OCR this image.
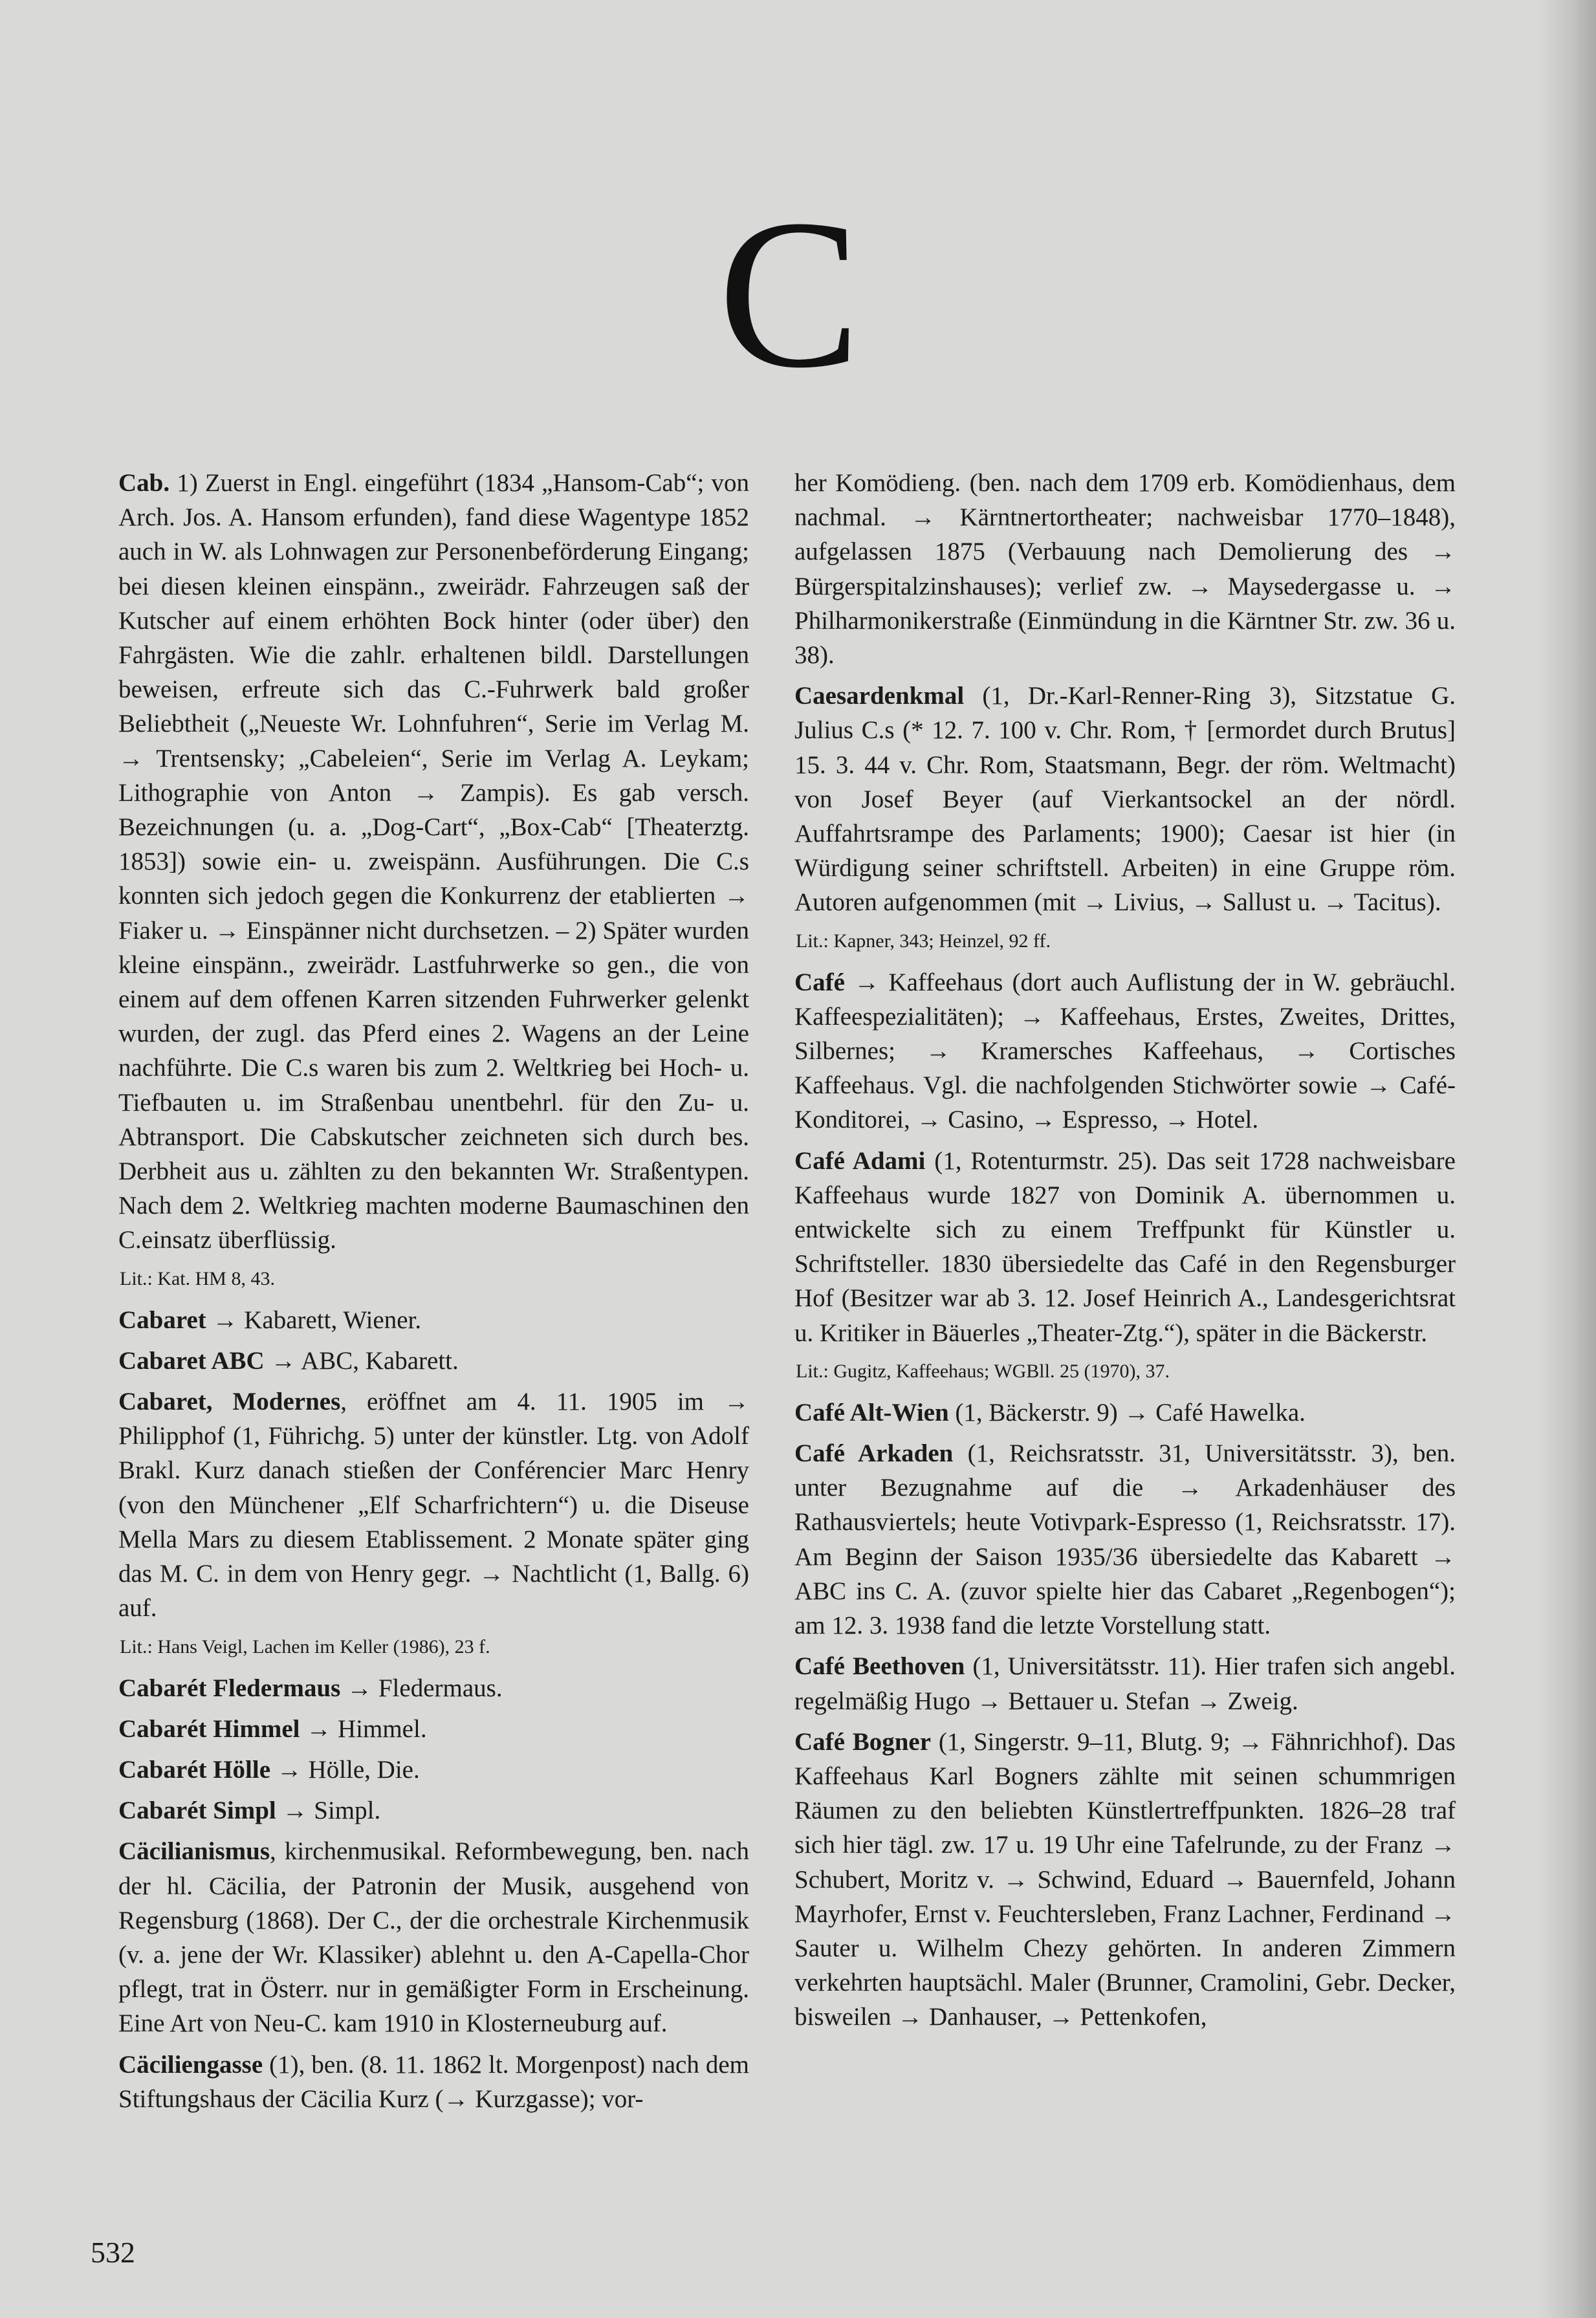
C

Cab. 1) Zuerst in Engl. eingeführt (1834 „Hansom-Cab“; von Arch. Jos. A. Hansom erfunden), fand diese Wagentype 1852 auch in W. als Lohnwagen zur Personenbeförderung Eingang; bei diesen kleinen einspänn., zweirädr. Fahrzeugen saß der Kutscher auf einem erhöhten Bock hinter (oder über) den Fahrgästen. Wie die zahlr. erhaltenen bildl. Darstellungen beweisen, erfreute sich das C.-Fuhrwerk bald großer Beliebtheit („Neueste Wr. Lohnfuhren“, Serie im Verlag M. → Trentsensky; „Cabeleien“, Serie im Verlag A. Leykam; Lithographie von Anton → Zampis). Es gab versch. Bezeichnungen (u. a. „Dog-Cart“, „Box-Cab“ [Theaterztg. 1853]) sowie ein- u. zweispänn. Ausführungen. Die C.s konnten sich jedoch gegen die Konkurrenz der etablierten → Fiaker u. → Einspänner nicht durchsetzen. – 2) Später wurden kleine einspänn., zweirädr. Lastfuhrwerke so gen., die von einem auf dem offenen Karren sitzenden Fuhrwerker gelenkt wurden, der zugl. das Pferd eines 2. Wagens an der Leine nachführte. Die C.s waren bis zum 2. Weltkrieg bei Hoch- u. Tiefbauten u. im Straßenbau unentbehrl. für den Zu- u. Abtransport. Die Cabskutscher zeichneten sich durch bes. Derbheit aus u. zählten zu den bekannten Wr. Straßentypen. Nach dem 2. Weltkrieg machten moderne Baumaschinen den C.einsatz überflüssig.

Lit.: Kat. HM 8, 43.

Cabaret → Kabarett, Wiener.

Cabaret ABC → ABC, Kabarett.

Cabaret, Modernes, eröffnet am 4. 11. 1905 im → Philipphof (1, Führichg. 5) unter der künstler. Ltg. von Adolf Brakl. Kurz danach stießen der Conférencier Marc Henry (von den Münchener „Elf Scharfrichtern“) u. die Diseuse Mella Mars zu diesem Etablissement. 2 Monate später ging das M. C. in dem von Henry gegr. → Nachtlicht (1, Ballg. 6) auf.

Lit.: Hans Veigl, Lachen im Keller (1986), 23 f.

Cabarét Fledermaus → Fledermaus.

Cabarét Himmel → Himmel.

Cabarét Hölle → Hölle, Die.

Cabarét Simpl → Simpl.

Cäcilianismus, kirchenmusikal. Reformbewegung, ben. nach der hl. Cäcilia, der Patronin der Musik, ausgehend von Regensburg (1868). Der C., der die orchestrale Kirchenmusik (v. a. jene der Wr. Klassiker) ablehnt u. den A-Capella-Chor pflegt, trat in Österr. nur in gemäßigter Form in Erscheinung. Eine Art von Neu-C. kam 1910 in Klosterneuburg auf.

Cäciliengasse (1), ben. (8. 11. 1862 lt. Morgenpost) nach dem Stiftungshaus der Cäcilia Kurz (→ Kurzgasse); vor-

her Komödieng. (ben. nach dem 1709 erb. Komödienhaus, dem nachmal. → Kärntnertortheater; nachweisbar 1770–1848), aufgelassen 1875 (Verbauung nach Demolierung des → Bürgerspitalzinshauses); verlief zw. → Maysedergasse u. → Philharmonikerstraße (Einmündung in die Kärntner Str. zw. 36 u. 38).

Caesardenkmal (1, Dr.-Karl-Renner-Ring 3), Sitzstatue G. Julius C.s (* 12. 7. 100 v. Chr. Rom, † [ermordet durch Brutus] 15. 3. 44 v. Chr. Rom, Staatsmann, Begr. der röm. Weltmacht) von Josef Beyer (auf Vierkantsockel an der nördl. Auffahrtsrampe des Parlaments; 1900); Caesar ist hier (in Würdigung seiner schriftstell. Arbeiten) in eine Gruppe röm. Autoren aufgenommen (mit → Livius, → Sallust u. → Tacitus).

Lit.: Kapner, 343; Heinzel, 92 ff.

Café → Kaffeehaus (dort auch Auflistung der in W. gebräuchl. Kaffeespezialitäten); → Kaffeehaus, Erstes, Zweites, Drittes, Silbernes; → Kramersches Kaffeehaus, → Cortisches Kaffeehaus. Vgl. die nachfolgenden Stichwörter sowie → Café-Konditorei, → Casino, → Espresso, → Hotel.

Café Adami (1, Rotenturmstr. 25). Das seit 1728 nachweisbare Kaffeehaus wurde 1827 von Dominik A. übernommen u. entwickelte sich zu einem Treffpunkt für Künstler u. Schriftsteller. 1830 übersiedelte das Café in den Regensburger Hof (Besitzer war ab 3. 12. Josef Heinrich A., Landesgerichtsrat u. Kritiker in Bäuerles „Theater-Ztg.“), später in die Bäckerstr.

Lit.: Gugitz, Kaffeehaus; WGBll. 25 (1970), 37.

Café Alt-Wien (1, Bäckerstr. 9) → Café Hawelka.

Café Arkaden (1, Reichsratsstr. 31, Universitätsstr. 3), ben. unter Bezugnahme auf die → Arkadenhäuser des Rathausviertels; heute Votivpark-Espresso (1, Reichsratsstr. 17). Am Beginn der Saison 1935/36 übersiedelte das Kabarett → ABC ins C. A. (zuvor spielte hier das Cabaret „Regenbogen“); am 12. 3. 1938 fand die letzte Vorstellung statt.

Café Beethoven (1, Universitätsstr. 11). Hier trafen sich angebl. regelmäßig Hugo → Bettauer u. Stefan → Zweig.

Café Bogner (1, Singerstr. 9–11, Blutg. 9; → Fähnrichhof). Das Kaffeehaus Karl Bogners zählte mit seinen schummrigen Räumen zu den beliebten Künstlertreffpunkten. 1826–28 traf sich hier tägl. zw. 17 u. 19 Uhr eine Tafelrunde, zu der Franz → Schubert, Moritz v. → Schwind, Eduard → Bauernfeld, Johann Mayrhofer, Ernst v. Feuchtersleben, Franz Lachner, Ferdinand → Sauter u. Wilhelm Chezy gehörten. In anderen Zimmern verkehrten hauptsächl. Maler (Brunner, Cramolini, Gebr. Decker, bisweilen → Danhauser, → Pettenkofen,

532
